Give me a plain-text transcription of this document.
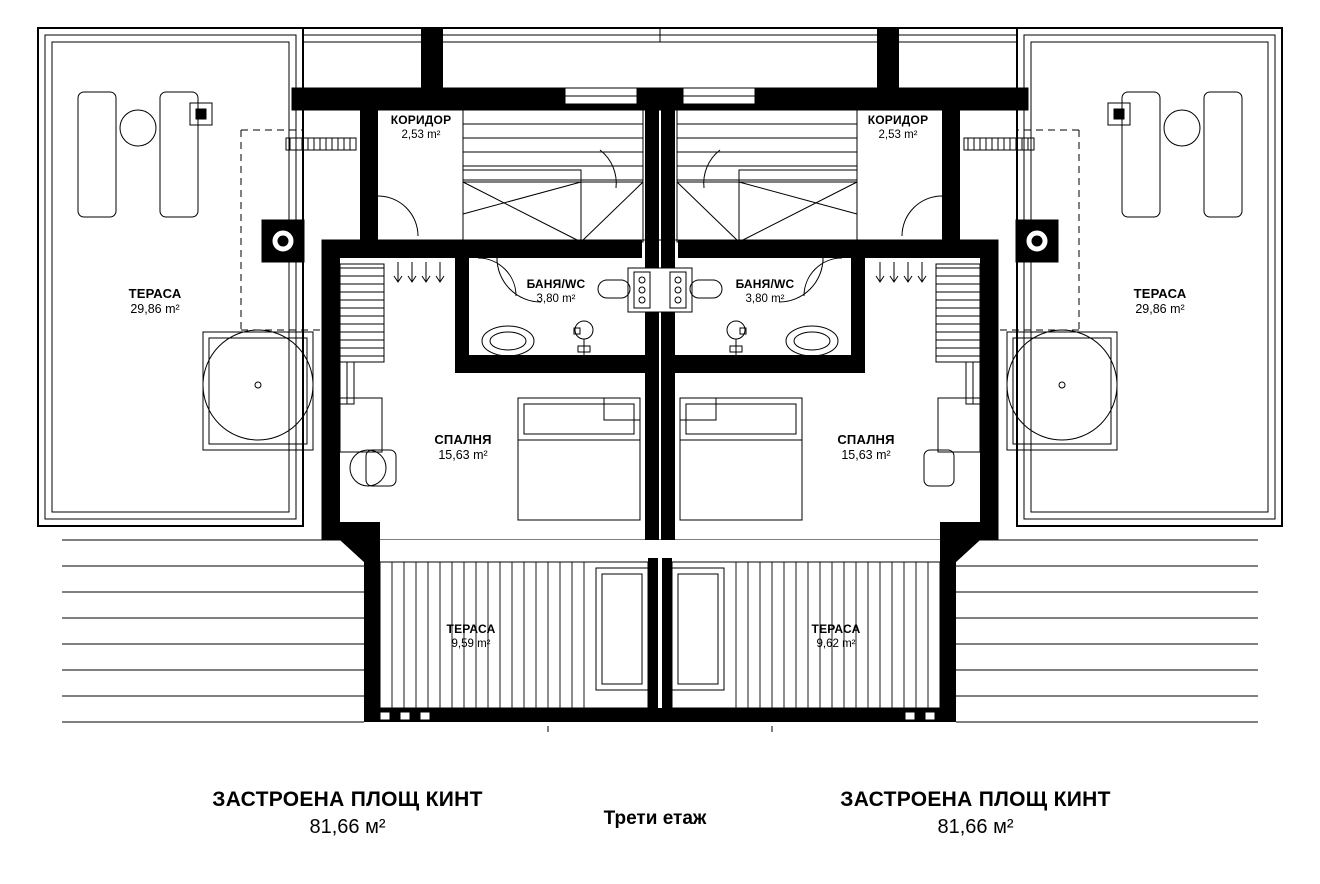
ТЕРАСА
29,86 m²
ТЕРАСА
29,86 m²
КОРИДОР
2,53 m²
КОРИДОР
2,53 m²
БАНЯ/WC
3,80 m²
БАНЯ/WC
3,80 m²
СПАЛНЯ
15,63 m²
СПАЛНЯ
15,63 m²
ТЕРАСА
9,59 m²
ТЕРАСА
9,62 m²
ЗАСТРОЕНА ПЛОЩ КИНТ
81,66 м²	Трети етаж
ЗАСТРОЕНА ПЛОЩ КИНТ
81,66 м²
